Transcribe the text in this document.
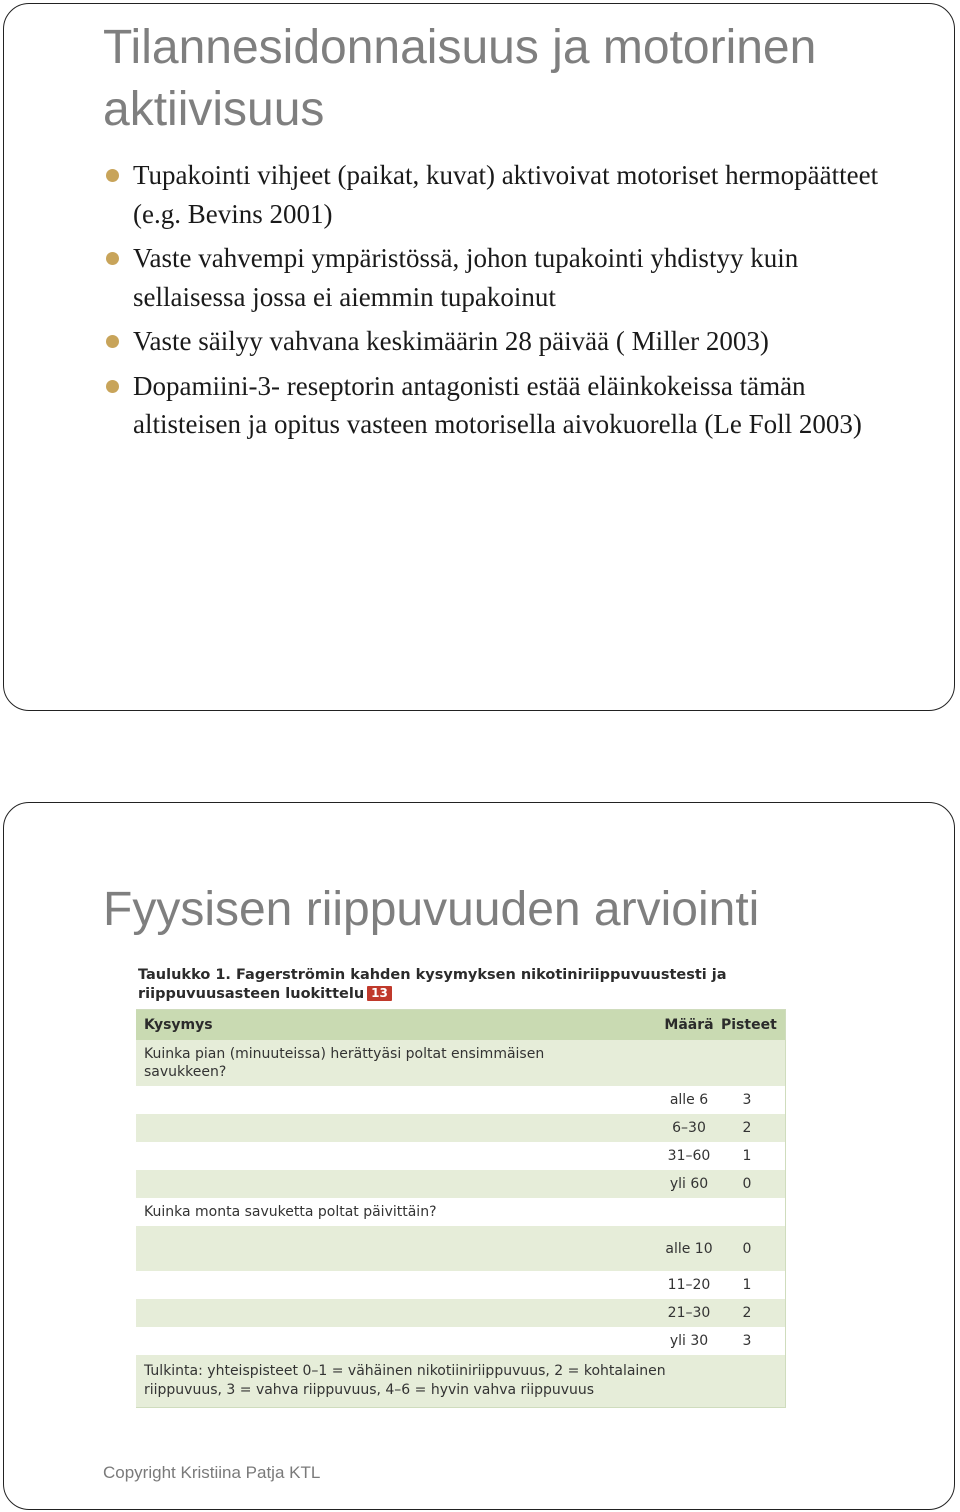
Tilannesidonnaisuus ja motorinen aktiivisuus
Tupakointi vihjeet (paikat, kuvat) aktivoivat motoriset hermopäätteet (e.g. Bevins 2001)
Vaste vahvempi ympäristössä, johon tupakointi yhdistyy kuin sellaisessa jossa ei aiemmin tupakoinut
Vaste säilyy vahvana keskimäärin 28 päivää ( Miller 2003)
Dopamiini-3- reseptorin antagonisti estää eläinkokeissa tämän altisteisen ja opitus vasteen motorisella aivokuorella (Le Foll 2003)
Fyysisen riippuvuuden arviointi
Taulukko 1. Fagerströmin kahden kysymyksen nikotiniriippuvuustesti ja riippuvuusasteen luokittelu 13
Kysymys	Määrä Pisteet
Kuinka pian (minuuteissa) herättyäsi poltat ensimmäisen savukkeen?
alle 6	3
6–30	2
31–60	1
yli 60	0
Kuinka monta savuketta poltat päivittäin?
alle 10	0
11–20	1
21–30	2
yli 30	3
Tulkinta: yhteispisteet 0–1 = vähäinen nikotiiniriippuvuus, 2 = kohtalainen riippuvuus, 3 = vahva riippuvuus, 4–6 = hyvin vahva riippuvuus
Copyright Kristiina Patja KTL
